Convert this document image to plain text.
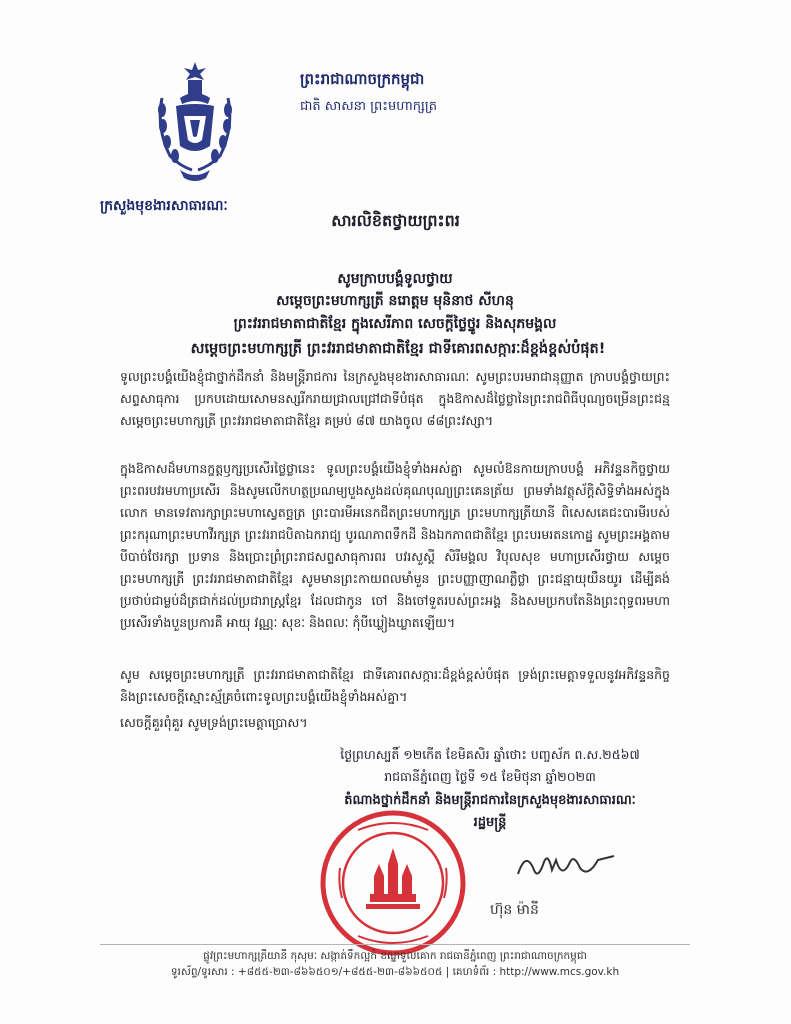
ក្រសួងមុខងារសាធារណៈ
ព្រះរាជាណាចក្រកម្ពុជា
ជាតិ សាសនា ព្រះមហាក្សត្រ
សារលិខិតថ្វាយព្រះពរ
សូមក្រាបបង្គំទូលថ្វាយ
សម្ដេចព្រះមហាក្សត្រី នរោត្តម មុនិនាថ សីហនុ
ព្រះវររាជមាតាជាតិខ្មែរ ក្នុងសេរីភាព សេចក្ដីថ្លៃថ្នូរ និងសុភមង្គល
សម្ដេចព្រះមហាក្សត្រី ព្រះវររាជមាតាជាតិខ្មែរ ជាទីគោរពសក្ការៈដ៏ខ្ពង់ខ្ពស់បំផុត!
ទូលព្រះបង្គំយើងខ្ញុំជាថ្នាក់ដឹកនាំ និងមន្ត្រីរាជការ នៃក្រសួងមុខងារសាធារណៈ សូមព្រះបរមរាជានុញ្ញាត ក្រាបបង្គំថ្វាយព្រះសព្ទសាធុការ ប្រកបដោយសោមនស្សរីករាយជ្រាលជ្រៅជាទីបំផុត ក្នុងឱកាសដ៏ថ្លៃថ្លានៃព្រះរាជពិធីបុណ្យចម្រើនព្រះជន្ម សម្ដេចព្រះមហាក្សត្រី ព្រះវររាជមាតាជាតិខ្មែរ គម្រប់ ៨៧ យាងចូល ៨៨ព្រះវស្សា។
ក្នុងឱកាសដ៏មហានក្ខត្តឫក្សប្រសើរថ្លៃថ្លានេះ ទូលព្រះបង្គំយើងខ្ញុំទាំងអស់គ្នា សូមលំឱនកាយក្រាបបង្គំ អភិវន្ទនកិច្ចថ្វាយព្រះពរបវរមហាប្រសើរ និងសូមលើកហត្ថប្រណម្យបួងសួងដល់គុណបុណ្យព្រះគេនត្រ័យ ព្រមទាំងវត្ថុស័ក្ដិសិទ្ធិទាំងអស់ក្នុងលោក មានទេវតារក្សាព្រះមហាស្វេតច្ឆត្រ ព្រះបារមីអនេកជីតព្រះមហាក្សត្រ ព្រះមហាក្សត្រីយានី ពិសេសគេជះបារមីរបស់ព្រះករុណាព្រះមហាវីរក្សត្រ ព្រះវររាជបិតាឯករាជ្យ បូរណភាពទឹកដី និងឯកភាពជាតិខ្មែរ ព្រះបរមរតនកោដ្ឋ សូមព្រះអង្គតាមបីបាច់ថែរក្សា ប្រទាន និងប្រោះព្រំព្រះរាជសព្ទសាធុការពរ បវរសួស្ដី សិរីមង្គល វិបុលសុខ មហាប្រសើរថ្វាយ សម្ដេចព្រះមហាក្សត្រី ព្រះវររាជមាតាជាតិខ្មែរ សូមមានព្រះកាយពលមាំមួន ព្រះបញ្ញាញាណភ្លឺថ្លា ព្រះជន្មាយុយឺនយូរ ដើម្បីគង់ប្រថាប់ជាម្លប់ដ៏ត្រជាក់ដល់ប្រជារាស្ត្រខ្មែរ ដែលជាកូន ចៅ និងចៅទួតរបស់ព្រះអង្គ និងសមប្រកបតែនិងព្រះពុទ្ធពរមហាប្រសើរទាំងបួនប្រការគឺ អាយុ វណ្ណៈ សុខៈ និងពលៈ កុំបីឃ្លៀងឃ្លាតឡើយ។
សូម សម្ដេចព្រះមហាក្សត្រី ព្រះវររាជមាតាជាតិខ្មែរ ជាទីគោរពសក្ការៈដ៏ខ្ពង់ខ្ពស់បំផុត ទ្រង់ព្រះមេត្តាទទួលនូវអភិវន្ទនកិច្ច និងព្រះសេចក្ដីស្មោះស្ម័គ្រចំពោះទូលព្រះបង្គំយើងខ្ញុំទាំងអស់គ្នា។
សេចក្ដីគួរពុំគួរ សូមទ្រង់ព្រះមេត្តាប្រោស។
ថ្ងៃព្រហស្បតិ៍ ១២កើត ខែមិគសិរ ឆ្នាំថោះ បញ្ចស័ក ព.ស.២៥៦៧
រាជធានីភ្នំពេញ ថ្ងៃទី ១៥ ខែមិថុនា ឆ្នាំ២០២៣
តំណាងថ្នាក់ដឹកនាំ និងមន្ត្រីរាជការនៃក្រសួងមុខងារសាធារណៈ
រដ្ឋមន្ត្រី
ហ៊ុន ម៉ានី
ផ្លូវព្រះមហាក្សត្រីយានី កុសុមៈ សង្កាត់ទឹកល្អក់ ខណ្ឌទួលគោក រាជធានីភ្នំពេញ ព្រះរាជាណាចក្រកម្ពុជា
ទូរស័ព្ទ/ទូរសារ : +៨៥៥-២៣-៨៦៦៥០១/+៨៥៥-២៣-៨៦៦៥០៥ | គេហទំព័រ : http://www.mcs.gov.kh
